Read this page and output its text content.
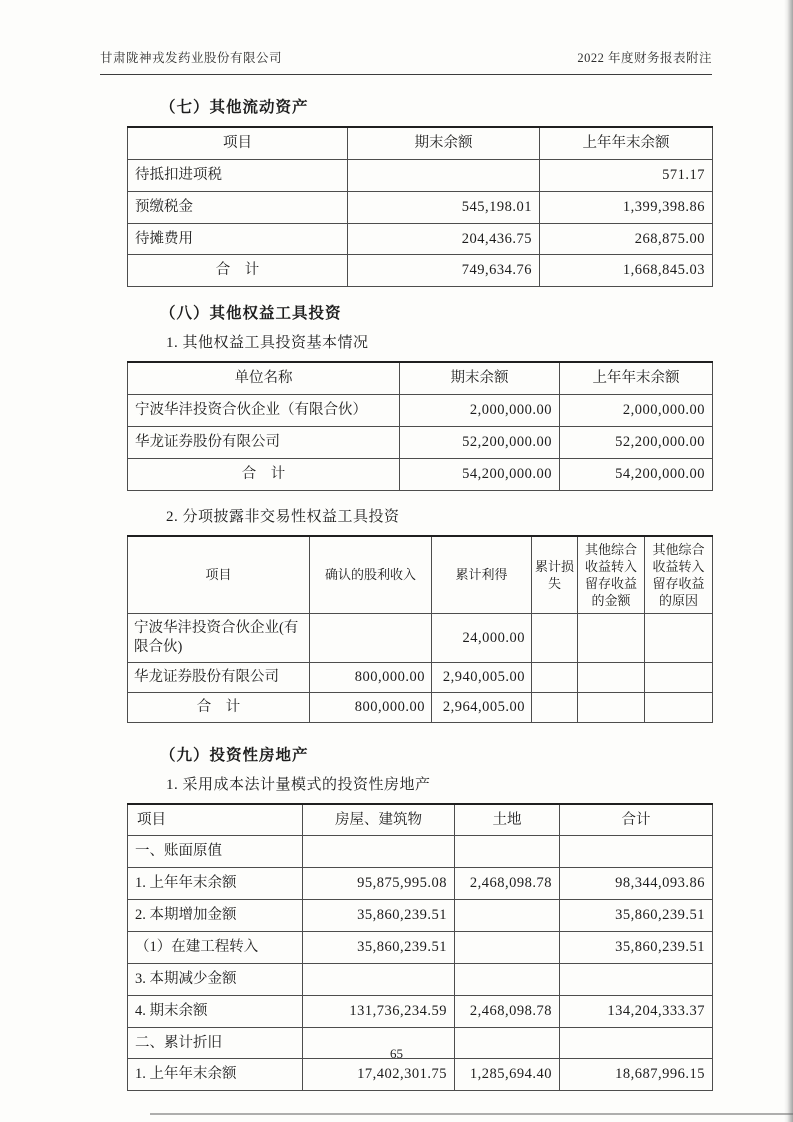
甘肃陇神戎发药业股份有限公司	2022 年度财务报表附注
（七）其他流动资产
项目	期末余额	上年年末余额
待抵扣进项税		571.17
预缴税金	545,198.01	1,399,398.86
待摊费用	204,436.75	268,875.00
合　计	749,634.76	1,668,845.03
（八）其他权益工具投资
1. 其他权益工具投资基本情况
单位名称	期末余额	上年年末余额
宁波华沣投资合伙企业（有限合伙）	2,000,000.00	2,000,000.00
华龙证券股份有限公司	52,200,000.00	52,200,000.00
合　计	54,200,000.00	54,200,000.00
2. 分项披露非交易性权益工具投资
项目	确认的股利收入	累计利得	累计损失	其他综合收益转入留存收益的金额	其他综合收益转入留存收益的原因
宁波华沣投资合伙企业(有限合伙)		24,000.00			
华龙证券股份有限公司	800,000.00	2,940,005.00			
合　计	800,000.00	2,964,005.00			
（九）投资性房地产
1. 采用成本法计量模式的投资性房地产
项目	房屋、建筑物	土地	合计
一、账面原值			
1. 上年年末余额	95,875,995.08	2,468,098.78	98,344,093.86
2. 本期增加金额	35,860,239.51		35,860,239.51
（1）在建工程转入	35,860,239.51		35,860,239.51
3. 本期减少金额			
4. 期末余额	131,736,234.59	2,468,098.78	134,204,333.37
二、累计折旧			
1. 上年年末余额	17,402,301.75	1,285,694.40	18,687,996.15
65
